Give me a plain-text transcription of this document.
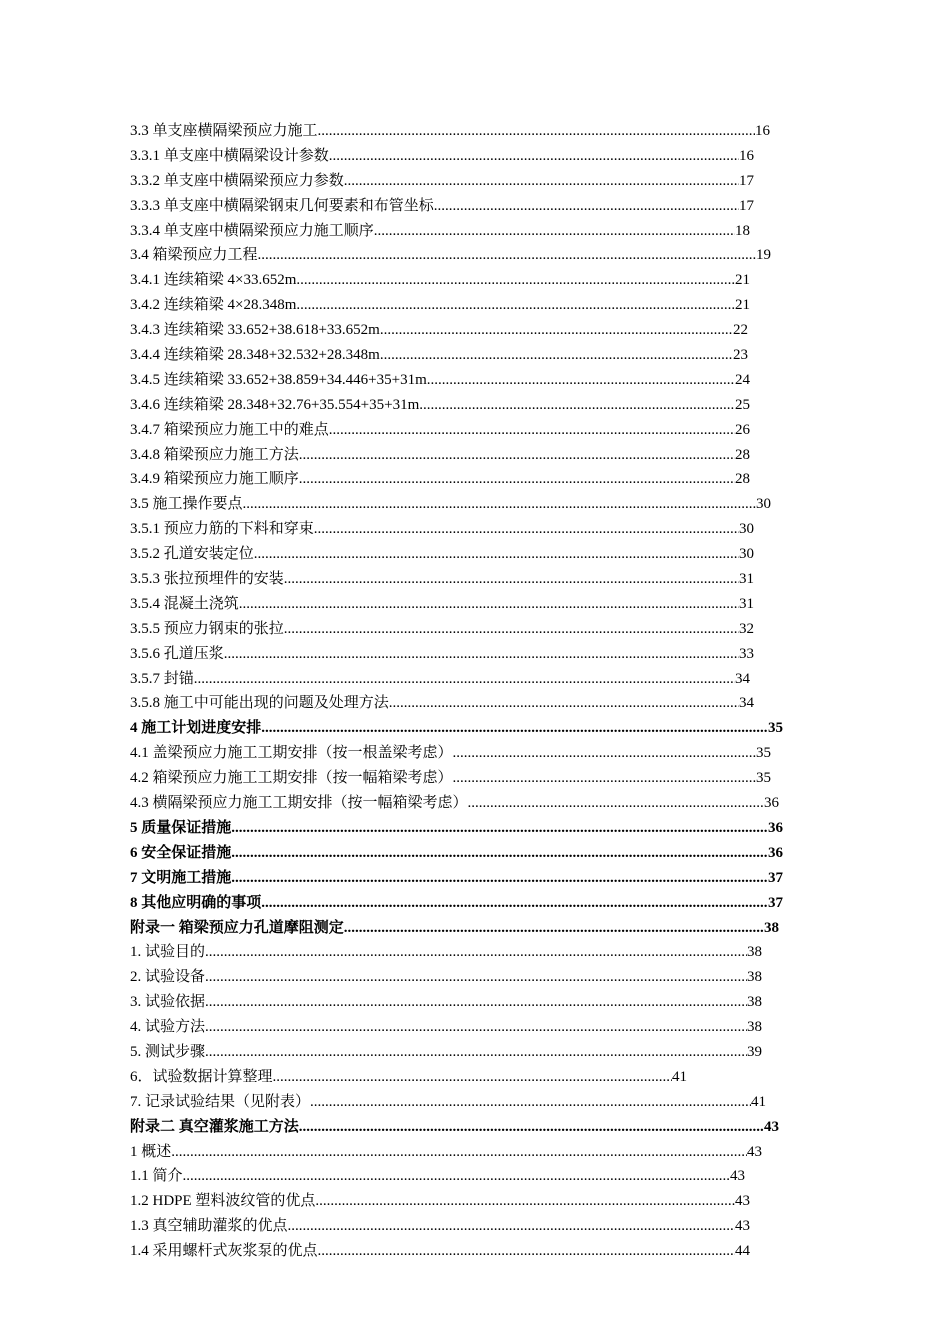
3.3 单支座横隔梁预应力施工 .....	16
3.3.1 单支座中横隔梁设计参数 .....	16
3.3.2 单支座中横隔梁预应力参数 .....	17
3.3.3 单支座中横隔梁钢束几何要素和布管坐标 .....	17
3.3.4 单支座中横隔梁预应力施工顺序 .....	18
3.4 箱梁预应力工程 .....	19
3.4.1 连续箱梁 4×33.652m .....	21
3.4.2 连续箱梁 4×28.348m .....	21
3.4.3 连续箱梁 33.652+38.618+33.652m .....	22
3.4.4 连续箱梁 28.348+32.532+28.348m .....	23
3.4.5 连续箱梁 33.652+38.859+34.446+35+31m .....	24
3.4.6 连续箱梁 28.348+32.76+35.554+35+31m .....	25
3.4.7 箱梁预应力施工中的难点 .....	26
3.4.8 箱梁预应力施工方法 .....	28
3.4.9 箱梁预应力施工顺序 .....	28
3.5 施工操作要点 .....	30
3.5.1 预应力筋的下料和穿束 .....	30
3.5.2 孔道安装定位 .....	30
3.5.3 张拉预埋件的安装 .....	31
3.5.4 混凝土浇筑 .....	31
3.5.5 预应力钢束的张拉 .....	32
3.5.6 孔道压浆 .....	33
3.5.7 封锚 .....	34
3.5.8 施工中可能出现的问题及处理方法 .....	34
4 施工计划进度安排 .....	35
4.1 盖梁预应力施工工期安排（按一根盖梁考虑） .....	35
4.2 箱梁预应力施工工期安排（按一幅箱梁考虑） .....	35
4.3 横隔梁预应力施工工期安排（按一幅箱梁考虑） .....	36
5 质量保证措施 .....	36
6 安全保证措施 .....	36
7 文明施工措施 .....	37
8 其他应明确的事项 .....	37
附录一 箱梁预应力孔道摩阻测定 .....	38
1. 试验目的 .....	38
2. 试验设备 .....	38
3. 试验依据 .....	38
4. 试验方法 .....	38
5. 测试步骤 .....	39
6．试验数据计算整理 .....	41
7. 记录试验结果（见附表） .....	41
附录二 真空灌浆施工方法 .....	43
1 概述 .....	43
1.1 简介 .....	43
1.2 HDPE 塑料波纹管的优点 .....	43
1.3 真空辅助灌浆的优点 .....	43
1.4 采用螺杆式灰浆泵的优点 .....	44
